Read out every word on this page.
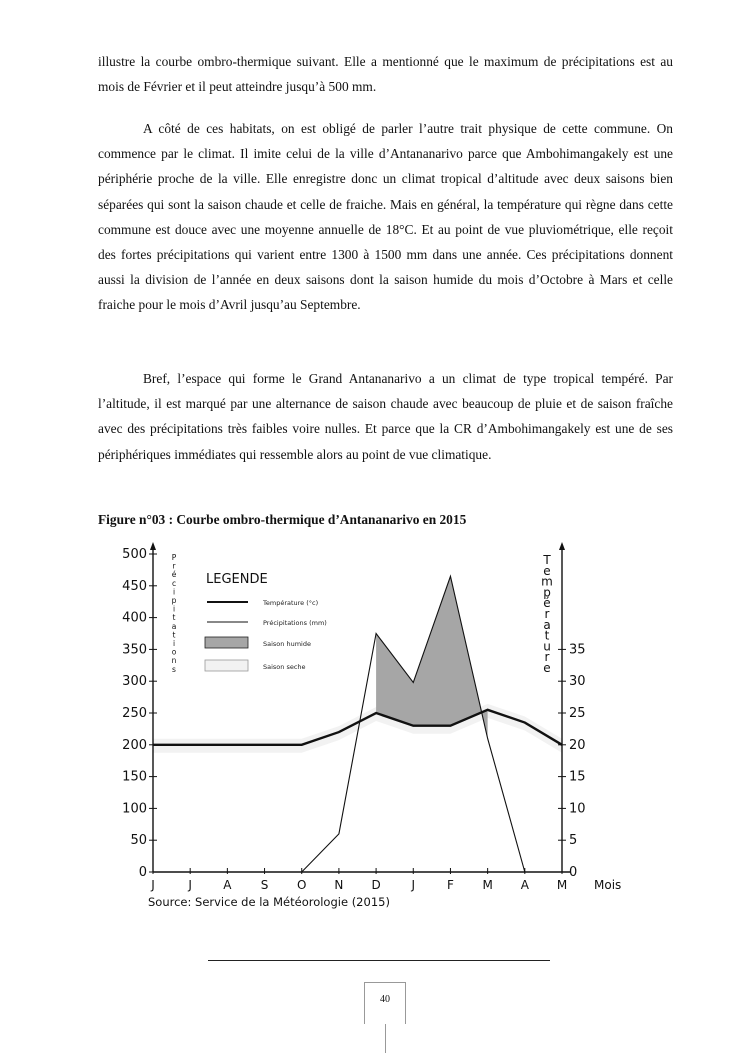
illustre la courbe ombro-thermique suivant. Elle a mentionné que le maximum de précipitations est au mois de Février et il peut atteindre jusqu’à 500 mm.

A côté de ces habitats, on est obligé de parler l’autre trait physique de cette commune. On commence par le climat. Il imite celui de la ville d’Antananarivo parce que Ambohimangakely est une périphérie proche de la ville. Elle enregistre donc un climat tropical d’altitude avec deux saisons bien séparées qui sont la saison chaude et celle de fraiche. Mais en général, la température qui règne dans cette commune est douce avec une moyenne annuelle de 18°C. Et au point de vue pluviométrique, elle reçoit des fortes précipitations qui varient entre 1300 à 1500 mm dans une année. Ces précipitations donnent aussi la division de l’année en deux saisons dont la saison humide du mois d’Octobre à Mars et celle fraiche pour le mois d’Avril jusqu’au Septembre.

Bref, l’espace qui forme le Grand Antananarivo a un climat de type tropical tempéré. Par l’altitude, il est marqué par une alternance de saison chaude avec beaucoup de pluie et de saison fraîche avec des précipitations très faibles voire nulles. Et parce que la CR d’Ambohimangakely est une de ses périphériques immédiates qui ressemble alors au point de vue climatique.

Figure n°03 : Courbe ombro-thermique d’Antananarivo en 2015

0
50
100
150
200
250
300
350
400
450
500
0
5
10
15
20
25
30
35
J	J	A S O N D	J	F M A M Mois
P r é c i p i t a t i o n s
T e m p é r a t u r e
LEGENDE
Température (°c)
Précipitations (mm)
Saison humide
Saison seche
Source: Service de la Météorologie (2015)
40
